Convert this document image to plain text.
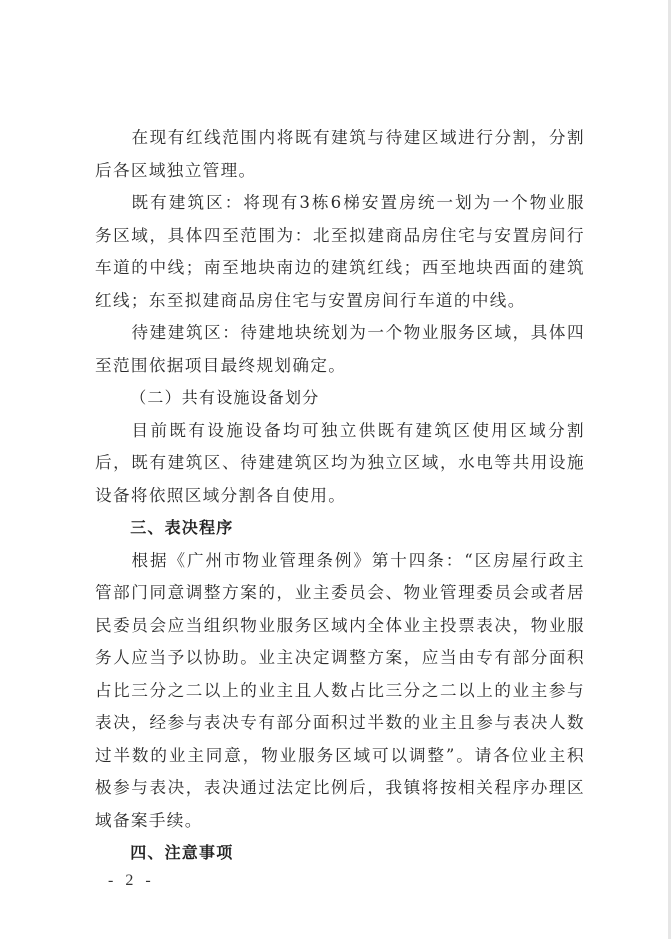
在现有红线范围内将既有建筑与待建区域进行分割，分割后各区域独立管理。

既有建筑区：将现有3栋6梯安置房统一划为一个物业服务区域，具体四至范围为：北至拟建商品房住宅与安置房间行车道的中线；南至地块南边的建筑红线；西至地块西面的建筑红线；东至拟建商品房住宅与安置房间行车道的中线。

待建建筑区：待建地块统划为一个物业服务区域，具体四至范围依据项目最终规划确定。

（二）共有设施设备划分

目前既有设施设备均可独立供既有建筑区使用区域分割后，既有建筑区、待建建筑区均为独立区域，水电等共用设施设备将依照区域分割各自使用。

三、表决程序

根据《广州市物业管理条例》第十四条：“区房屋行政主管部门同意调整方案的，业主委员会、物业管理委员会或者居民委员会应当组织物业服务区域内全体业主投票表决，物业服务人应当予以协助。业主决定调整方案，应当由专有部分面积占比三分之二以上的业主且人数占比三分之二以上的业主参与表决，经参与表决专有部分面积过半数的业主且参与表决人数过半数的业主同意，物业服务区域可以调整”。请各位业主积极参与表决，表决通过法定比例后，我镇将按相关程序办理区域备案手续。

四、注意事项

- 2 -
